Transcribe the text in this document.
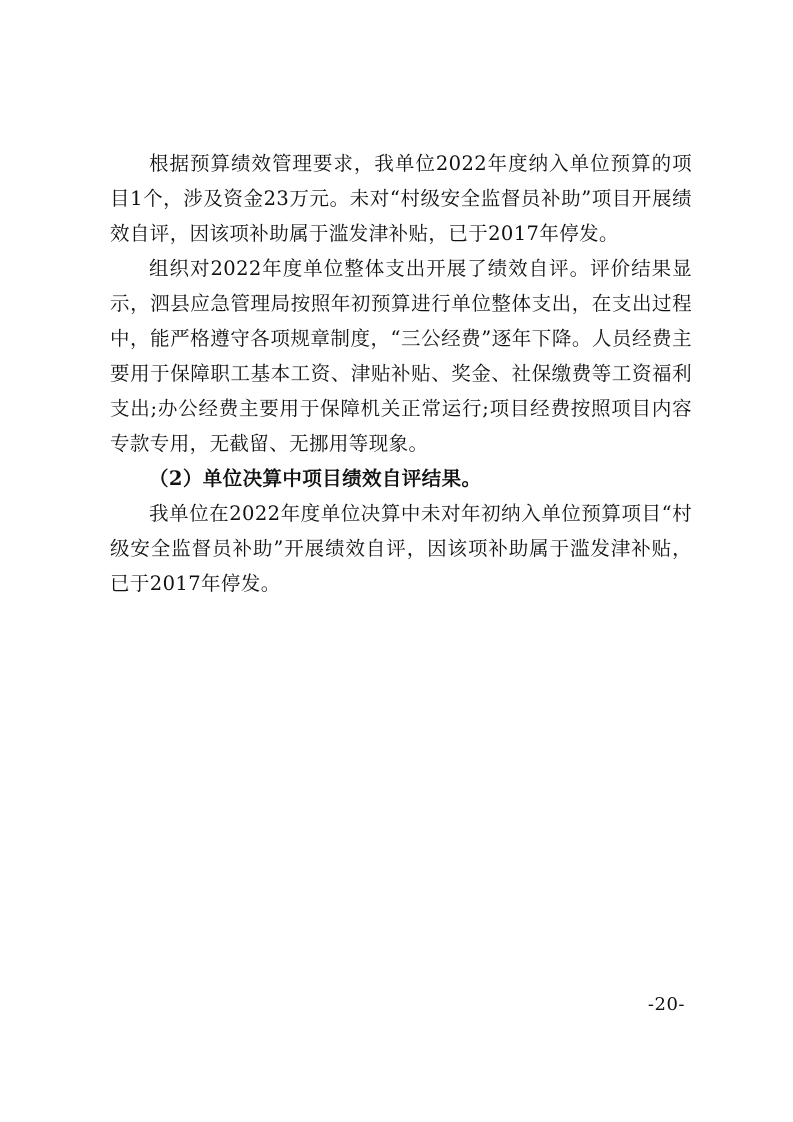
根据预算绩效管理要求，我单位2022年度纳入单位预算的项目1个，涉及资金23万元。未对“村级安全监督员补助”项目开展绩效自评，因该项补助属于滥发津补贴，已于2017年停发。

组织对2022年度单位整体支出开展了绩效自评。评价结果显示，泗县应急管理局按照年初预算进行单位整体支出，在支出过程中，能严格遵守各项规章制度，“三公经费”逐年下降。人员经费主要用于保障职工基本工资、津贴补贴、奖金、社保缴费等工资福利支出;办公经费主要用于保障机关正常运行;项目经费按照项目内容专款专用，无截留、无挪用等现象。

（2）单位决算中项目绩效自评结果。

我单位在2022年度单位决算中未对年初纳入单位预算项目“村级安全监督员补助”开展绩效自评，因该项补助属于滥发津补贴，已于2017年停发。

-20-
